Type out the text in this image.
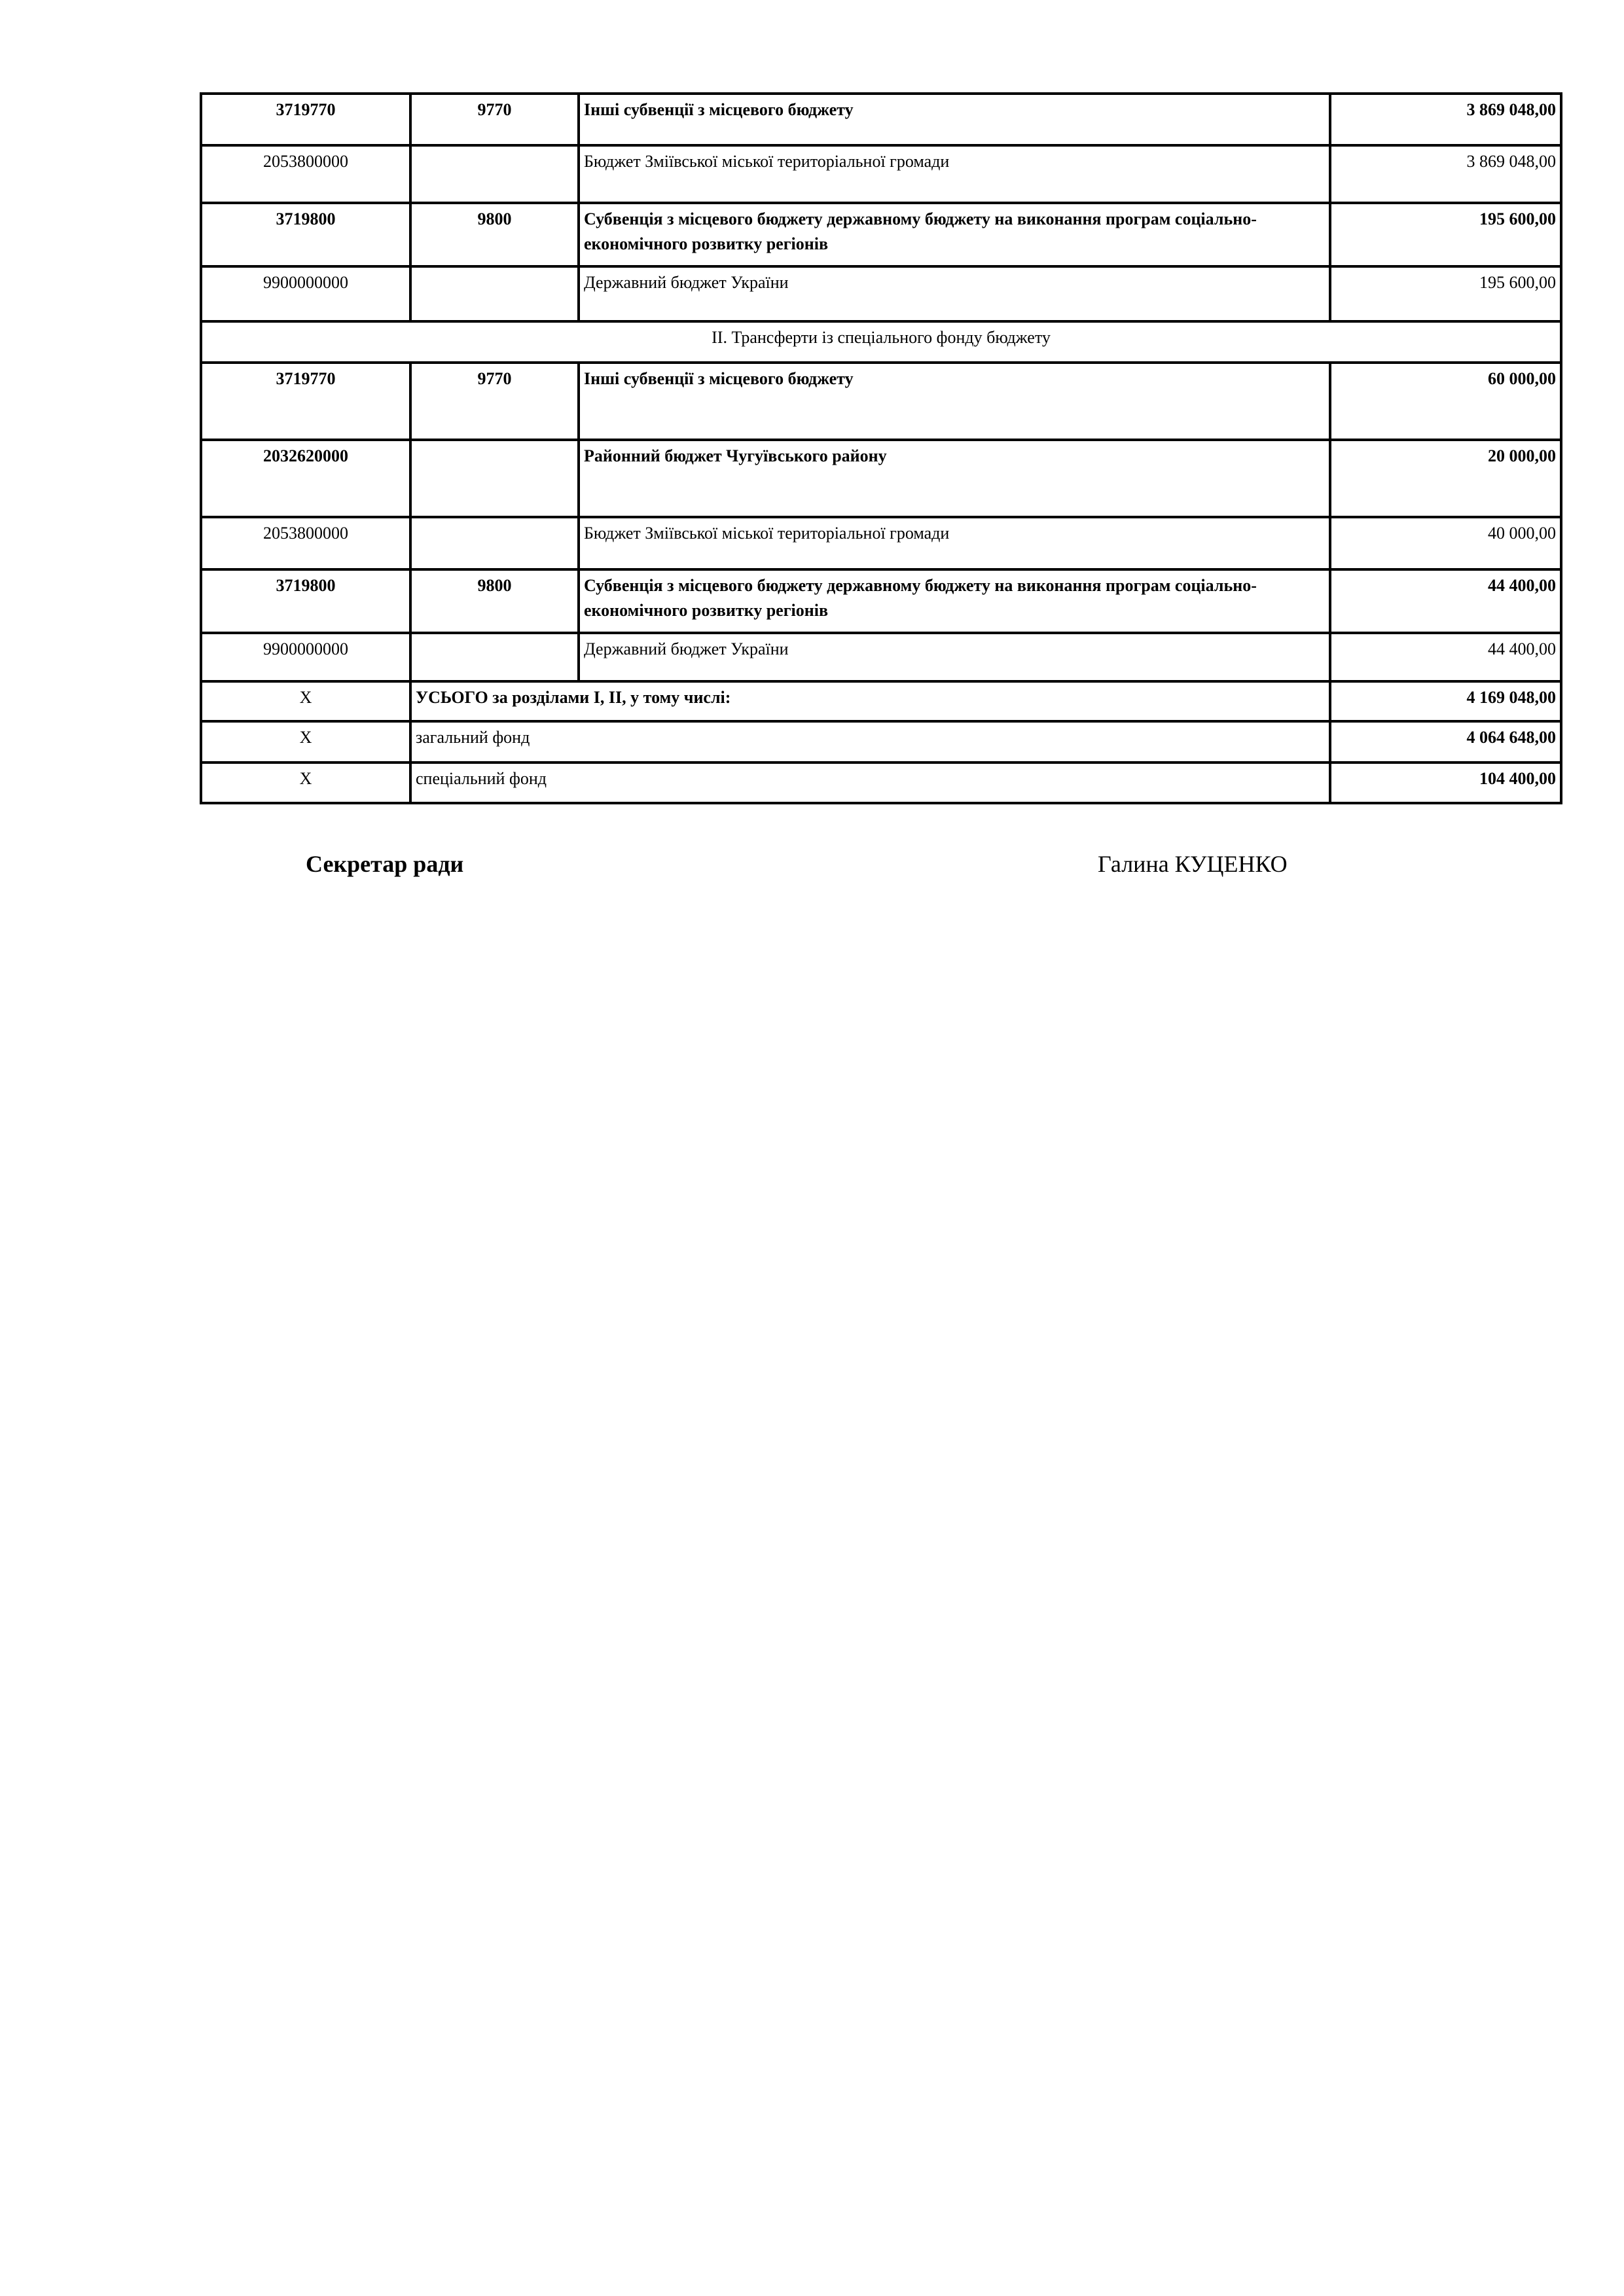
3719770	9770	Інші субвенції з місцевого бюджету	3 869 048,00
2053800000		Бюджет Зміївської міської територіальної громади	3 869 048,00
3719800	9800	Субвенція з місцевого бюджету державному бюджету на виконання програм соціально-економічного розвитку регіонів	195 600,00
9900000000		Державний бюджет України	195 600,00
ІІ. Трансферти із спеціального фонду бюджету			
3719770	9770	Інші субвенції з місцевого бюджету	60 000,00
2032620000		Районний бюджет Чугуївського району	20 000,00
2053800000		Бюджет Зміївської міської територіальної громади	40 000,00
3719800	9800	Субвенція з місцевого бюджету державному бюджету на виконання програм соціально-економічного розвитку регіонів	44 400,00
9900000000		Державний бюджет України	44 400,00
Х	УСЬОГО за розділами І, ІІ, у тому числі:		4 169 048,00
Х	загальний фонд		4 064 648,00
Х	спеціальний фонд		104 400,00
Секретар ради	Галина КУЦЕНКО
